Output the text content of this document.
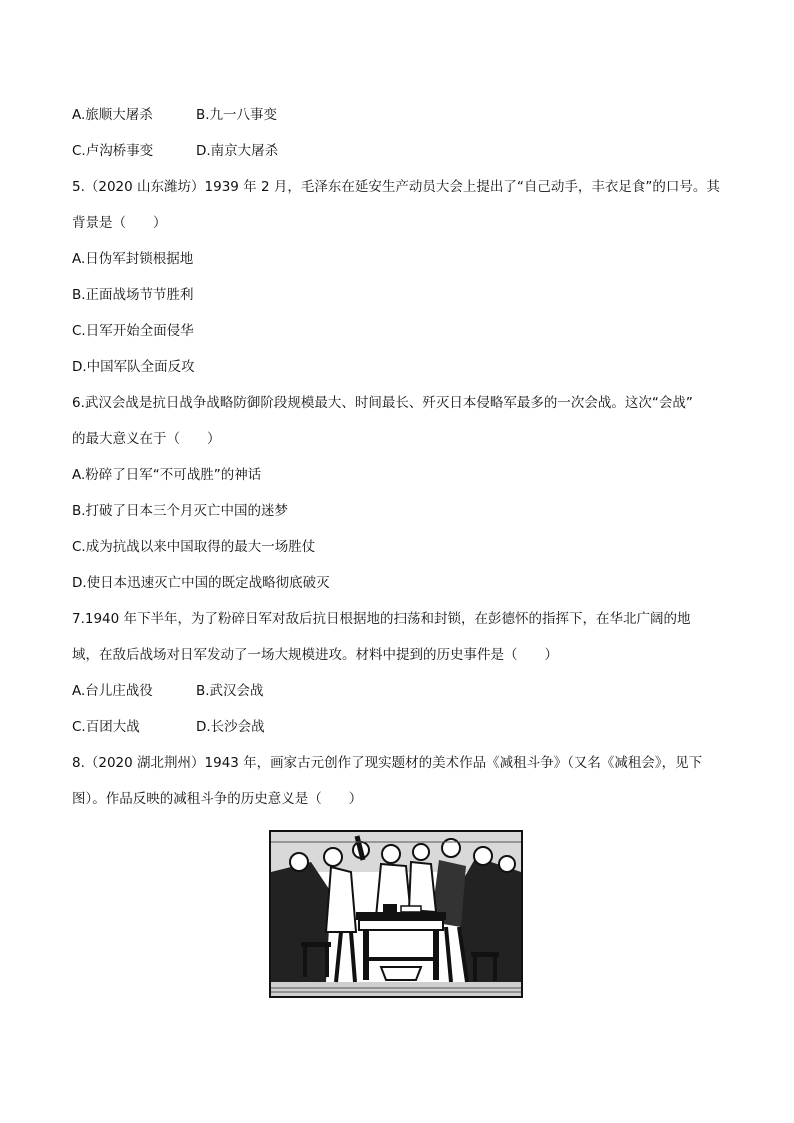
A.旅顺大屠杀	B.九一八事变
C.卢沟桥事变	D.南京大屠杀
5.（2020 山东潍坊）1939 年 2 月，毛泽东在延安生产动员大会上提出了“自己动手，丰衣足食”的口号。其
背景是（　　）
A.日伪军封锁根据地
B.正面战场节节胜利
C.日军开始全面侵华
D.中国军队全面反攻
6.武汉会战是抗日战争战略防御阶段规模最大、时间最长、歼灭日本侵略军最多的一次会战。这次“会战”
的最大意义在于（　　）
A.粉碎了日军“不可战胜”的神话
B.打破了日本三个月灭亡中国的迷梦
C.成为抗战以来中国取得的最大一场胜仗
D.使日本迅速灭亡中国的既定战略彻底破灭
7.1940 年下半年，为了粉碎日军对敌后抗日根据地的扫荡和封锁，在彭德怀的指挥下，在华北广阔的地
域，在敌后战场对日军发动了一场大规模进攻。材料中提到的历史事件是（　　）
A.台儿庄战役	B.武汉会战
C.百团大战	D.长沙会战
8.（2020 湖北荆州）1943 年，画家古元创作了现实题材的美术作品《减租斗争》（又名《减租会》，见下
图）。作品反映的减租斗争的历史意义是（　　）
